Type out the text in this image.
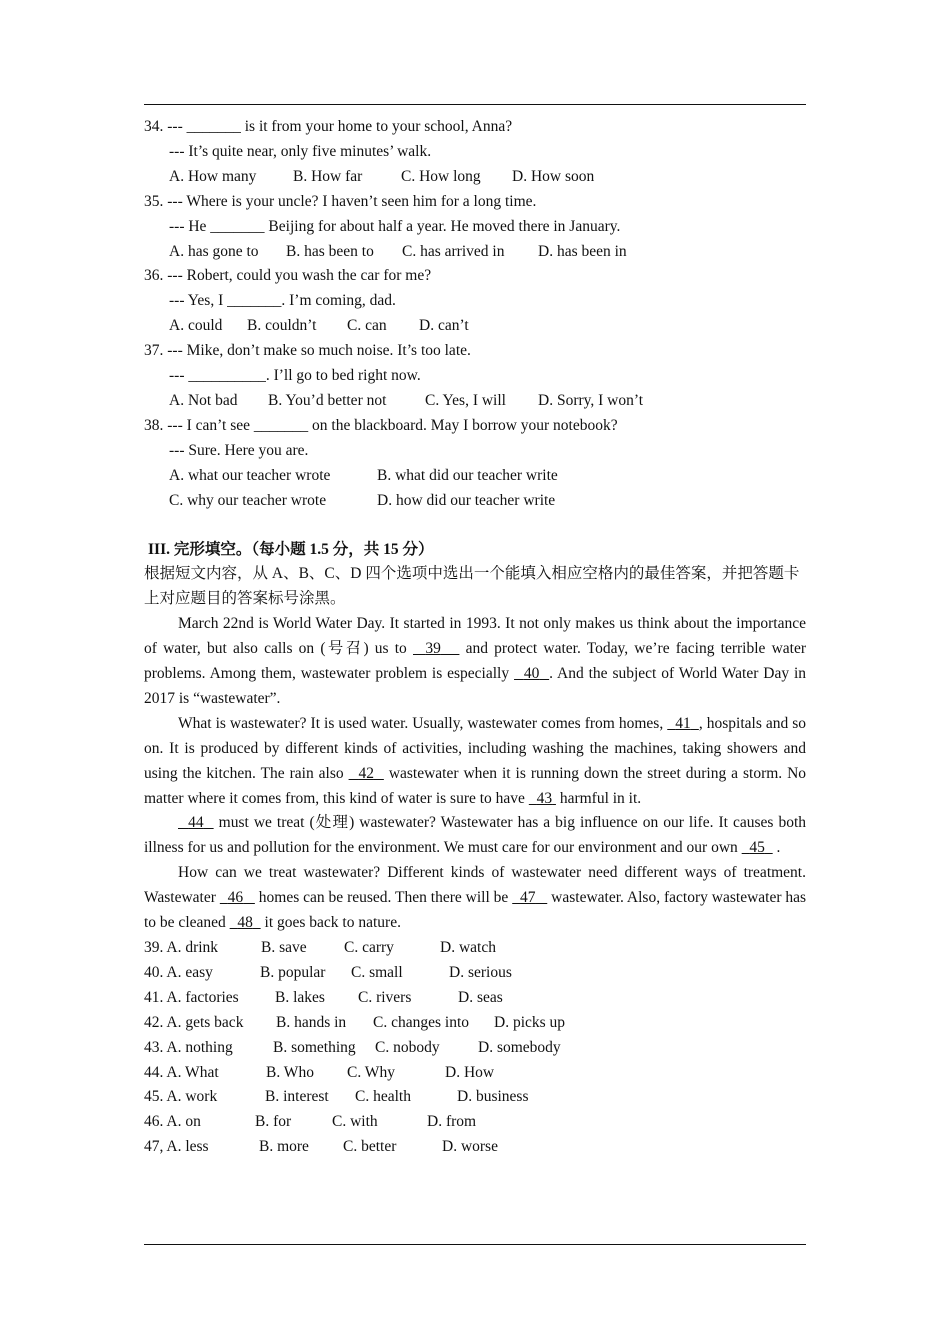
34. --- _______ is it from your home to your school, Anna?
--- It’s quite near, only five minutes’ walk.
A. How many B. How far C. How long D. How soon
35. --- Where is your uncle? I haven’t seen him for a long time.
--- He _______ Beijing for about half a year. He moved there in January.
A. has gone to B. has been to C. has arrived in D. has been in
36. --- Robert, could you wash the car for me?
--- Yes, I _______. I’m coming, dad.
A. could B. couldn’t C. can D. can’t
37. --- Mike, don’t make so much noise. It’s too late.
--- __________. I’ll go to bed right now.
A. Not bad B. You’d better not C. Yes, I will D. Sorry, I won’t
38. --- I can’t see _______ on the blackboard. May I borrow your notebook?
--- Sure. Here you are.
A. what our teacher wrote	B. what did our teacher write
C. why our teacher wrote	D. how did our teacher write
III. 完形填空。（每小题 1.5 分，共 15 分）
根据短文内容，从 A、B、C、D 四个选项中选出一个能填入相应空格内的最佳答案，并把答题卡上对应题目的答案标号涂黑。
March 22nd is World Water Day. It started in 1993. It not only makes us think about the importance of water, but also calls on (号召) us to 39 and protect water. Today, we’re facing terrible water problems. Among them, wastewater problem is especially 40 . And the subject of World Water Day in 2017 is “wastewater”.
What is wastewater? It is used water. Usually, wastewater comes from homes, 41 , hospitals and so on. It is produced by different kinds of activities, including washing the machines, taking showers and using the kitchen. The rain also 42 wastewater when it is running down the street during a storm. No matter where it comes from, this kind of water is sure to have 43 harmful in it.
44 must we treat (处理) wastewater? Wastewater has a big influence on our life. It causes both illness for us and pollution for the environment. We must care for our environment and our own 45 .
How can we treat wastewater? Different kinds of wastewater need different ways of treatment. Wastewater 46 homes can be reused. Then there will be 47 wastewater. Also, factory wastewater has to be cleaned 48 it goes back to nature.
39. A. drink	B. save C. carry	D. watch
40. A. easy	B. popular C. small	D. serious
41. A. factories B. lakes C. rivers	D. seas
42. A. gets back B. hands in C. changes into D. picks up
43. A. nothing	B. something C. nobody D. somebody
44. A. What	B. Who C. Why	D. How
45. A. work	B. interest C. health	D. business
46. A. on	B. for	C. with	D. from
47, A. less	B. more C. better	D. worse
